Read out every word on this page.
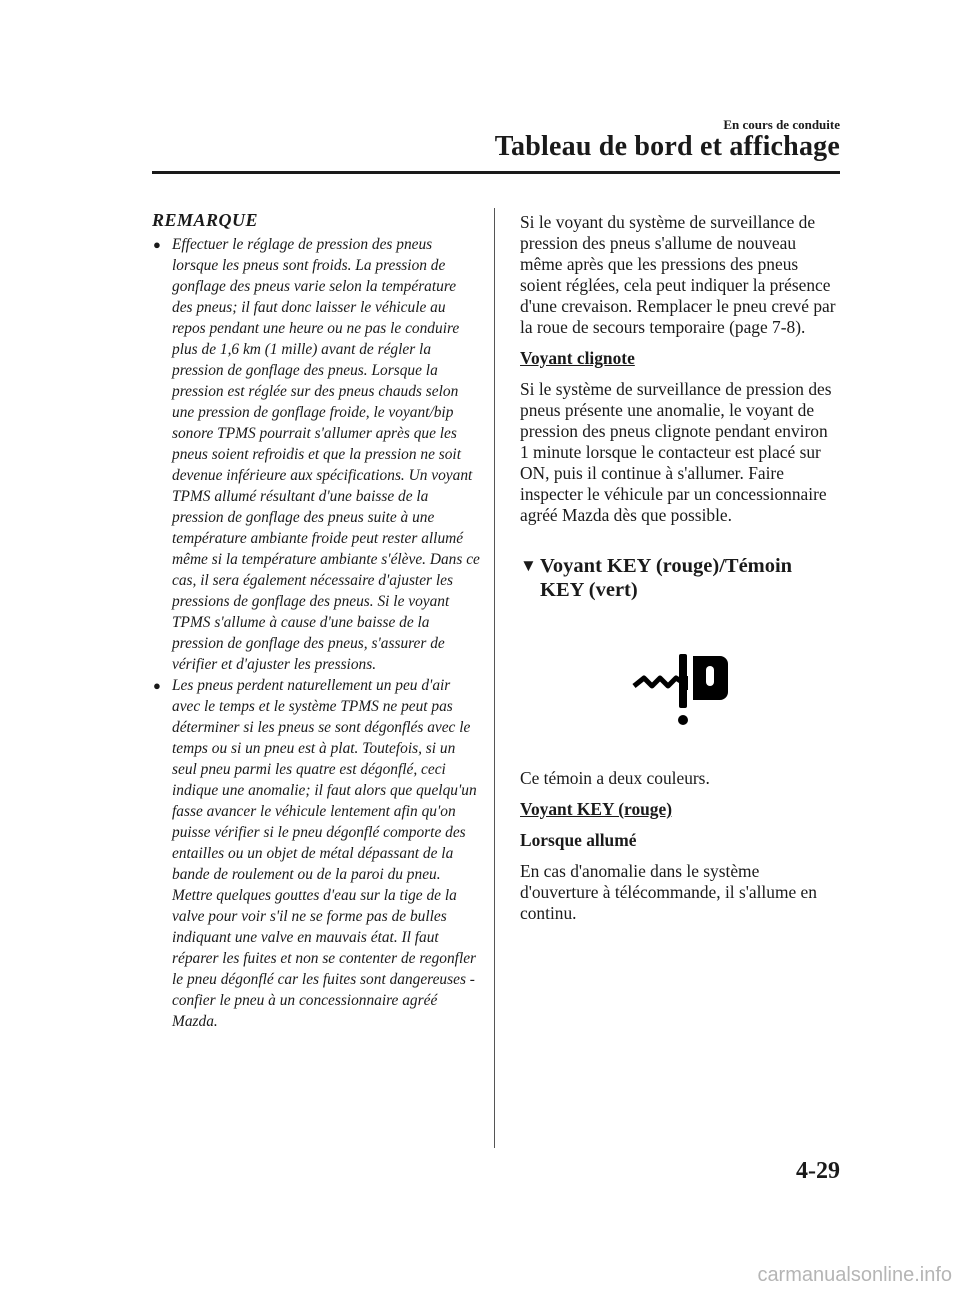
En cours de conduite
Tableau de bord et affichage
REMARQUE
● Effectuer le réglage de pression des pneus lorsque les pneus sont froids. La pression de gonflage des pneus varie selon la température des pneus; il faut donc laisser le véhicule au repos pendant une heure ou ne pas le conduire plus de 1,6 km (1 mille) avant de régler la pression de gonflage des pneus. Lorsque la pression est réglée sur des pneus chauds selon une pression de gonflage froide, le voyant/bip sonore TPMS pourrait s'allumer après que les pneus soient refroidis et que la pression ne soit devenue inférieure aux spécifications. Un voyant TPMS allumé résultant d'une baisse de la pression de gonflage des pneus suite à une température ambiante froide peut rester allumé même si la température ambiante s'élève. Dans ce cas, il sera également nécessaire d'ajuster les pressions de gonflage des pneus. Si le voyant TPMS s'allume à cause d'une baisse de la pression de gonflage des pneus, s'assurer de vérifier et d'ajuster les pressions.
● Les pneus perdent naturellement un peu d'air avec le temps et le système TPMS ne peut pas déterminer si les pneus se sont dégonflés avec le temps ou si un pneu est à plat. Toutefois, si un seul pneu parmi les quatre est dégonflé, ceci indique une anomalie; il faut alors que quelqu'un fasse avancer le véhicule lentement afin qu'on puisse vérifier si le pneu dégonflé comporte des entailles ou un objet de métal dépassant de la bande de roulement ou de la paroi du pneu. Mettre quelques gouttes d'eau sur la tige de la valve pour voir s'il ne se forme pas de bulles indiquant une valve en mauvais état. Il faut réparer les fuites et non se contenter de regonfler le pneu dégonflé car les fuites sont dangereuses - confier le pneu à un concessionnaire agréé Mazda.

Si le voyant du système de surveillance de pression des pneus s'allume de nouveau même après que les pressions des pneus soient réglées, cela peut indiquer la présence d'une crevaison. Remplacer le pneu crevé par la roue de secours temporaire (page 7-8).

Voyant clignote

Si le système de surveillance de pression des pneus présente une anomalie, le voyant de pression des pneus clignote pendant environ 1 minute lorsque le contacteur est placé sur ON, puis il continue à s'allumer. Faire inspecter le véhicule par un concessionnaire agréé Mazda dès que possible.

▼ Voyant KEY (rouge)/Témoin KEY (vert)

Ce témoin a deux couleurs.

Voyant KEY (rouge)

Lorsque allumé

En cas d'anomalie dans le système d'ouverture à télécommande, il s'allume en continu.

4-29
carmanualsonline.info
